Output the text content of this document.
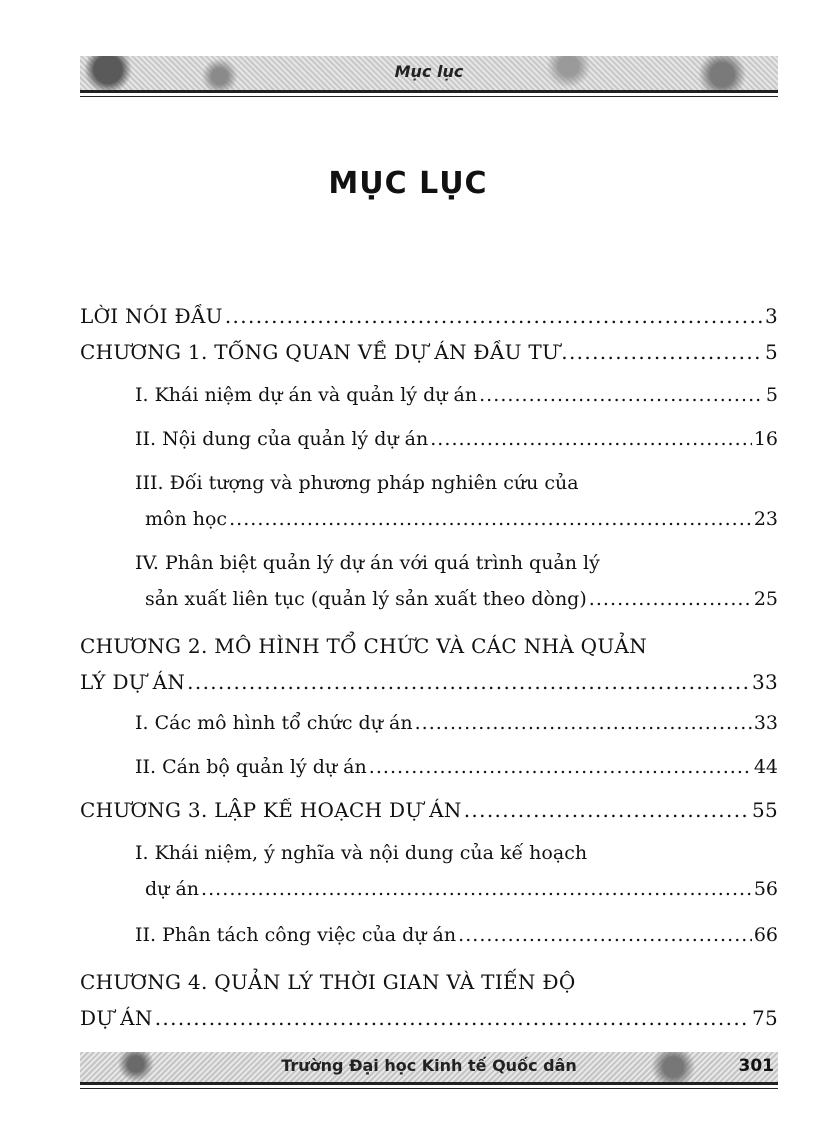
Mục lục
MỤC LỤC
LỜI NÓI ĐẦU . . .	3
CHƯƠNG 1. TỔNG QUAN VỀ DỰ ÁN ĐẦU TƯ . . .	5
I. Khái niệm dự án và quản lý dự án . . .	5
II. Nội dung của quản lý dự án . . .	16
III. Đối tượng và phương pháp nghiên cứu của
môn học . . .	23
IV. Phân biệt quản lý dự án với quá trình quản lý
sản xuất liên tục (quản lý sản xuất theo dòng) . . .	25
CHƯƠNG 2. MÔ HÌNH TỔ CHỨC VÀ CÁC NHÀ QUẢN
LÝ DỰ ÁN . . .	33
I. Các mô hình tổ chức dự án . . .	33
II. Cán bộ quản lý dự án . . .	44
CHƯƠNG 3. LẬP KẾ HOẠCH DỰ ÁN . . .	55
I. Khái niệm, ý nghĩa và nội dung của kế hoạch
dự án . . .	56
II. Phân tách công việc của dự án . . .	66
CHƯƠNG 4. QUẢN LÝ THỜI GIAN VÀ TIẾN ĐỘ
DỰ ÁN . . .	75
Trường Đại học Kinh tế Quốc dân	301
